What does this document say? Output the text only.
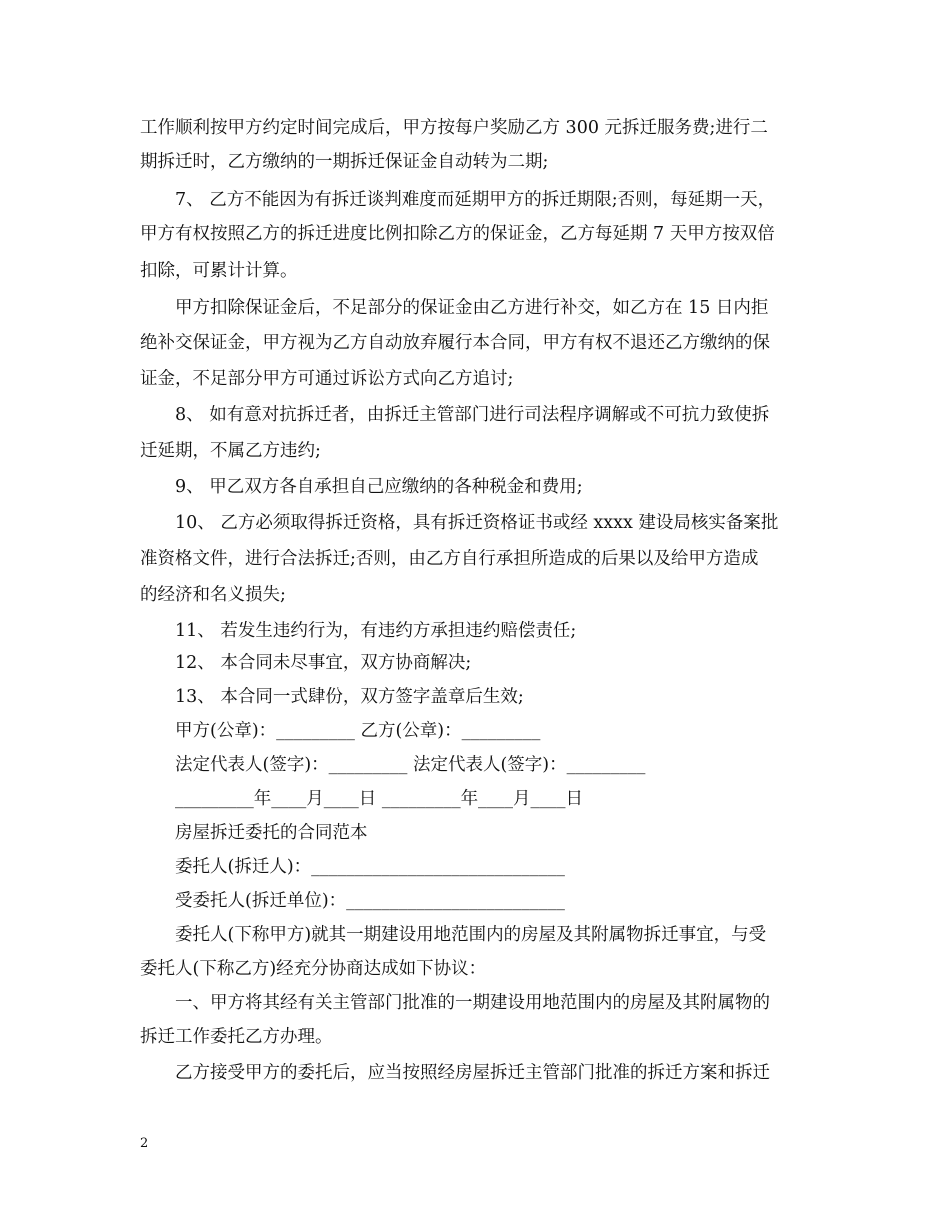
工作顺利按甲方约定时间完成后，甲方按每户奖励乙方 300 元拆迁服务费;进行二
期拆迁时，乙方缴纳的一期拆迁保证金自动转为二期;
7、 乙方不能因为有拆迁谈判难度而延期甲方的拆迁期限;否则，每延期一天，
甲方有权按照乙方的拆迁进度比例扣除乙方的保证金，乙方每延期 7 天甲方按双倍
扣除，可累计计算。
甲方扣除保证金后，不足部分的保证金由乙方进行补交，如乙方在 15 日内拒
绝补交保证金，甲方视为乙方自动放弃履行本合同，甲方有权不退还乙方缴纳的保
证金，不足部分甲方可通过诉讼方式向乙方追讨;
8、 如有意对抗拆迁者，由拆迁主管部门进行司法程序调解或不可抗力致使拆
迁延期，不属乙方违约;
9、 甲乙双方各自承担自己应缴纳的各种税金和费用;
10、 乙方必须取得拆迁资格，具有拆迁资格证书或经 xxxx 建设局核实备案批
准资格文件，进行合法拆迁;否则，由乙方自行承担所造成的后果以及给甲方造成
的经济和名义损失;
11、 若发生违约行为，有违约方承担违约赔偿责任;
12、 本合同未尽事宜，双方协商解决;
13、 本合同一式肆份，双方签字盖章后生效;
甲方(公章)：_________ 乙方(公章)：_________
法定代表人(签字)：_________ 法定代表人(签字)：_________
_________年____月____日 _________年____月____日
房屋拆迁委托的合同范本
委托人(拆迁人)：_____________________________
受委托人(拆迁单位)：_________________________
委托人(下称甲方)就其一期建设用地范围内的房屋及其附属物拆迁事宜，与受
委托人(下称乙方)经充分协商达成如下协议：
一、甲方将其经有关主管部门批准的一期建设用地范围内的房屋及其附属物的
拆迁工作委托乙方办理。
乙方接受甲方的委托后，应当按照经房屋拆迁主管部门批准的拆迁方案和拆迁
2
